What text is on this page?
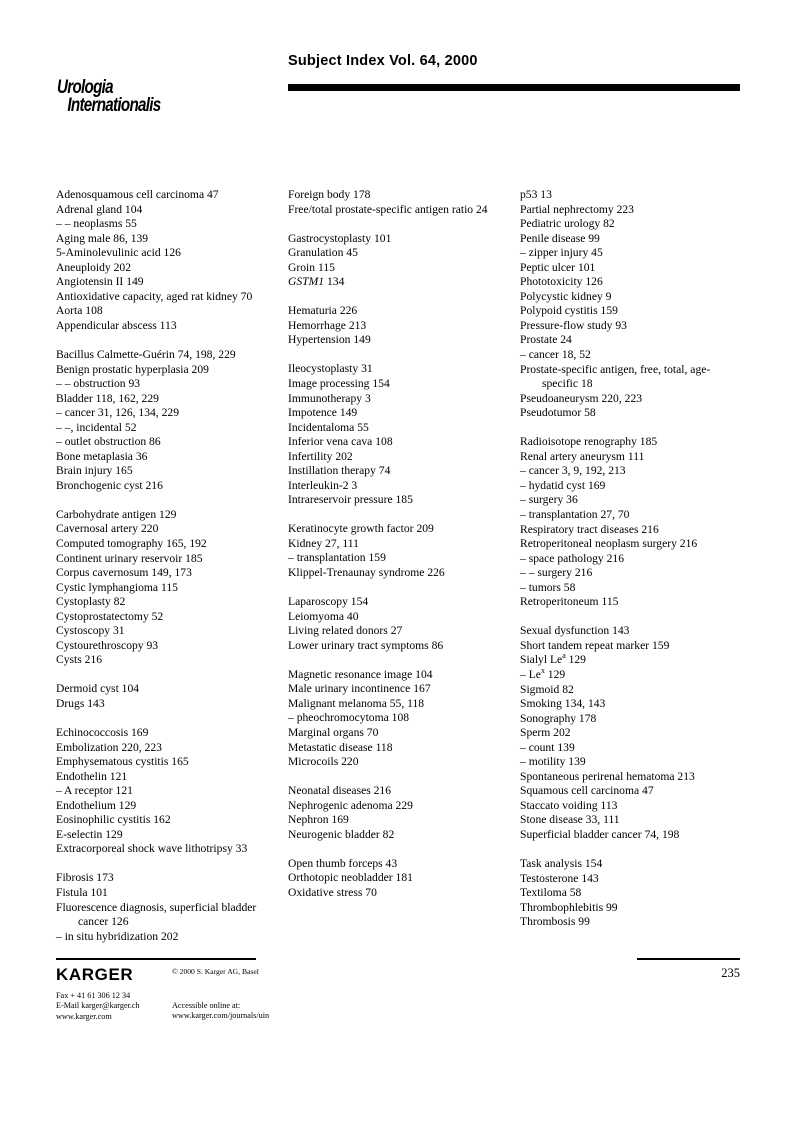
Urologia
Internationalis
Subject Index Vol. 64, 2000
Adenosquamous cell carcinoma 47
Adrenal gland 104
– – neoplasms 55
Aging male 86, 139
5-Aminolevulinic acid 126
Aneuploidy 202
Angiotensin II 149
Antioxidative capacity, aged rat kidney 70
Aorta 108
Appendicular abscess 113
Bacillus Calmette-Guérin 74, 198, 229
Benign prostatic hyperplasia 209
– – obstruction 93
Bladder 118, 162, 229
– cancer 31, 126, 134, 229
– –, incidental 52
– outlet obstruction 86
Bone metaplasia 36
Brain injury 165
Bronchogenic cyst 216
Carbohydrate antigen 129
Cavernosal artery 220
Computed tomography 165, 192
Continent urinary reservoir 185
Corpus cavernosum 149, 173
Cystic lymphangioma 115
Cystoplasty 82
Cystoprostatectomy 52
Cystoscopy 31
Cystourethroscopy 93
Cysts 216
Dermoid cyst 104
Drugs 143
Echinococcosis 169
Embolization 220, 223
Emphysematous cystitis 165
Endothelin 121
– A receptor 121
Endothelium 129
Eosinophilic cystitis 162
E-selectin 129
Extracorporeal shock wave lithotripsy 33
Fibrosis 173
Fistula 101
Fluorescence diagnosis, superficial bladder cancer 126
– in situ hybridization 202
Foreign body 178
Free/total prostate-specific antigen ratio 24
Gastrocystoplasty 101
Granulation 45
Groin 115
GSTM1 134
Hematuria 226
Hemorrhage 213
Hypertension 149
Ileocystoplasty 31
Image processing 154
Immunotherapy 3
Impotence 149
Incidentaloma 55
Inferior vena cava 108
Infertility 202
Instillation therapy 74
Interleukin-2 3
Intrareservoir pressure 185
Keratinocyte growth factor 209
Kidney 27, 111
– transplantation 159
Klippel-Trenaunay syndrome 226
Laparoscopy 154
Leiomyoma 40
Living related donors 27
Lower urinary tract symptoms 86
Magnetic resonance image 104
Male urinary incontinence 167
Malignant melanoma 55, 118
– pheochromocytoma 108
Marginal organs 70
Metastatic disease 118
Microcoils 220
Neonatal diseases 216
Nephrogenic adenoma 229
Nephron 169
Neurogenic bladder 82
Open thumb forceps 43
Orthotopic neobladder 181
Oxidative stress 70
p53 13
Partial nephrectomy 223
Pediatric urology 82
Penile disease 99
– zipper injury 45
Peptic ulcer 101
Phototoxicity 126
Polycystic kidney 9
Polypoid cystitis 159
Pressure-flow study 93
Prostate 24
– cancer 18, 52
Prostate-specific antigen, free, total, age-specific 18
Pseudoaneurysm 220, 223
Pseudotumor 58
Radioisotope renography 185
Renal artery aneurysm 111
– cancer 3, 9, 192, 213
– hydatid cyst 169
– surgery 36
– transplantation 27, 70
Respiratory tract diseases 216
Retroperitoneal neoplasm surgery 216
– space pathology 216
– – surgery 216
– tumors 58
Retroperitoneum 115
Sexual dysfunction 143
Short tandem repeat marker 159
Sialyl Le$^a$ 129
– Le$^x$ 129
Sigmoid 82
Smoking 134, 143
Sonography 178
Sperm 202
– count 139
– motility 139
Spontaneous perirenal hematoma 213
Squamous cell carcinoma 47
Staccato voiding 113
Stone disease 33, 111
Superficial bladder cancer 74, 198
Task analysis 154
Testosterone 143
Textiloma 58
Thrombophlebitis 99
Thrombosis 99
KARGER	© 2000 S. Karger AG, Basel
Fax + 41 61 306 12 34
E-Mail karger@karger.ch
www.karger.com
Accessible online at:
www.karger.com/journals/uin
235
